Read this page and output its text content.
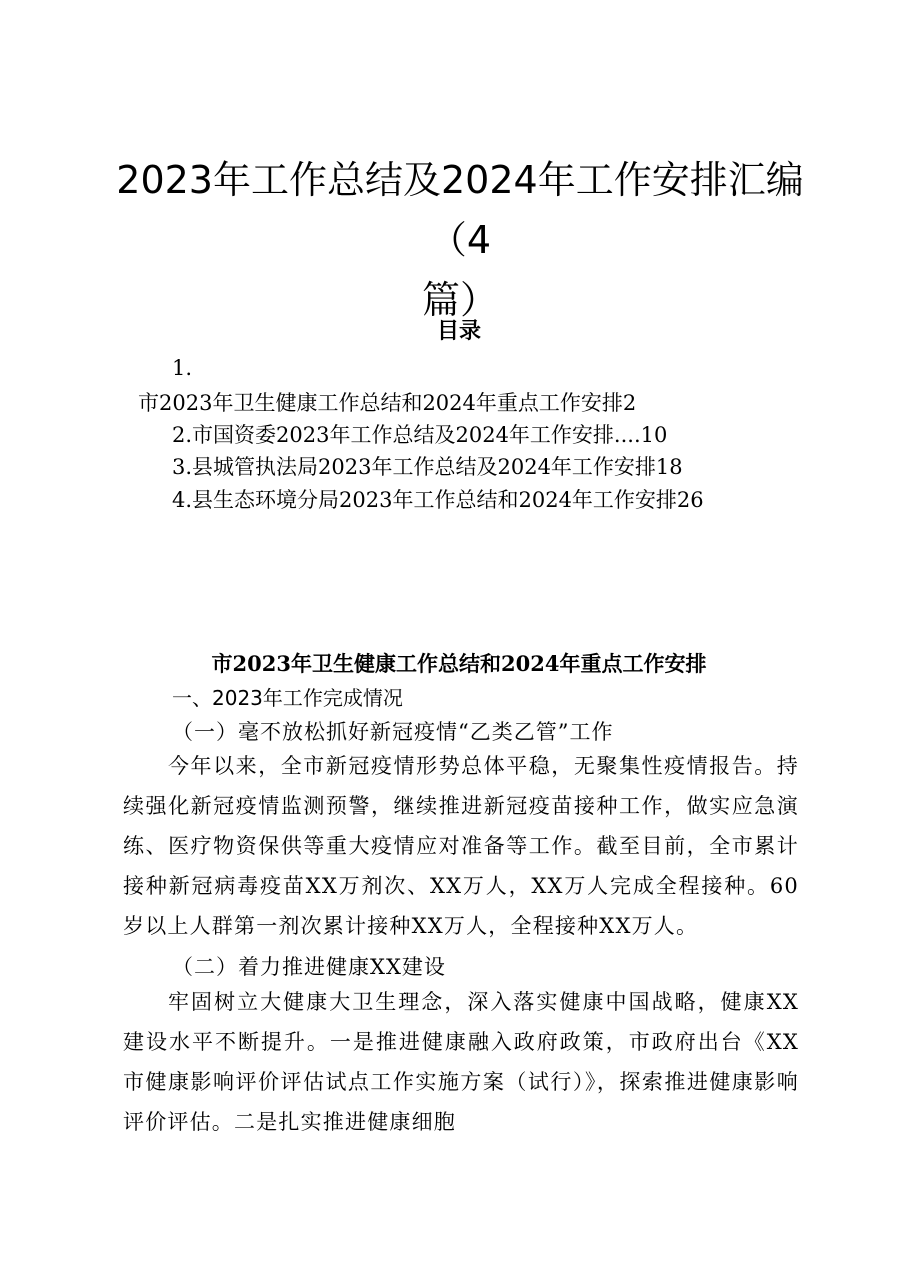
2023年工作总结及2024年工作安排汇编（4
篇）
目录
1.
市2023年卫生健康工作总结和2024年重点工作安排2
2.市国资委2023年工作总结及2024年工作安排....10
3.县城管执法局2023年工作总结及2024年工作安排18
4.县生态环境分局2023年工作总结和2024年工作安排26
市2023年卫生健康工作总结和2024年重点工作安排
一、2023年工作完成情况
（一）毫不放松抓好新冠疫情“乙类乙管”工作

今年以来，全市新冠疫情形势总体平稳，无聚集性疫情报告。持续强化新冠疫情监测预警，继续推进新冠疫苗接种工作，做实应急演练、医疗物资保供等重大疫情应对准备等工作。截至目前，全市累计接种新冠病毒疫苗XX万剂次、XX万人，XX万人完成全程接种。60岁以上人群第一剂次累计接种XX万人，全程接种XX万人。

（二）着力推进健康XX建设

牢固树立大健康大卫生理念，深入落实健康中国战略，健康XX建设水平不断提升。一是推进健康融入政府政策，市政府出台《XX市健康影响评价评估试点工作实施方案（试行）》，探索推进健康影响评价评估。二是扎实推进健康细胞
